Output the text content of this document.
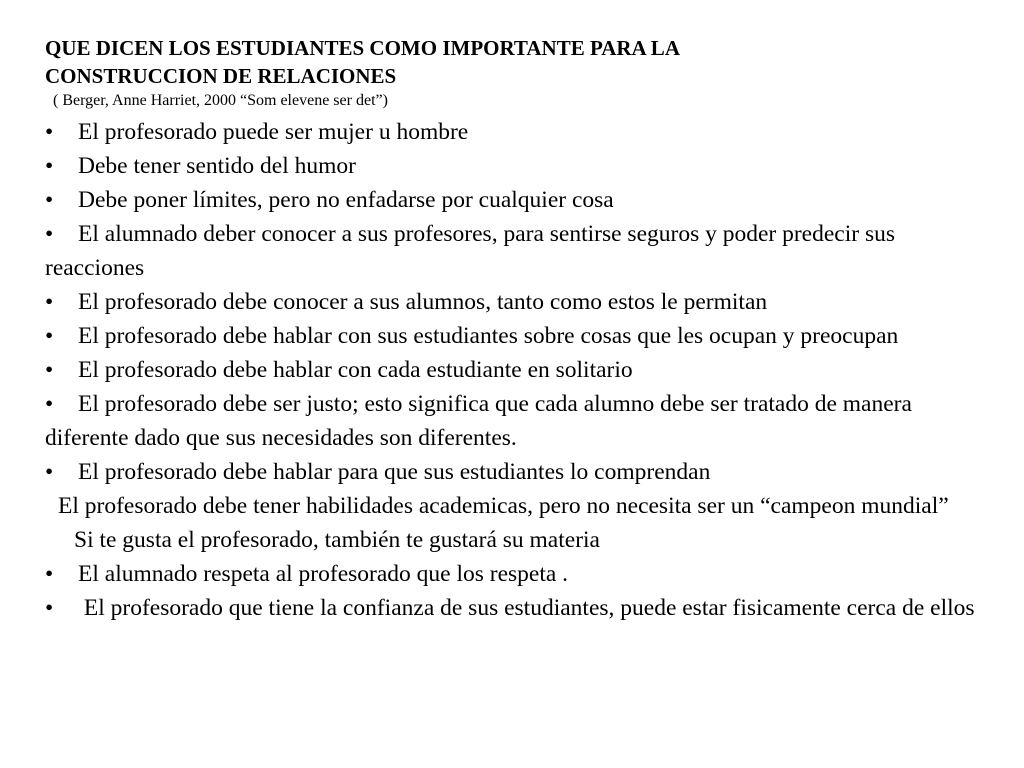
QUE DICEN LOS ESTUDIANTES COMO IMPORTANTE PARA LA
CONSTRUCCION DE RELACIONES
( Berger, Anne Harriet, 2000 “Som elevene ser det”)
• El profesorado puede ser mujer u hombre
• Debe tener sentido del humor
• Debe poner límites, pero no enfadarse por cualquier cosa
• El alumnado deber conocer a sus profesores, para sentirse seguros y poder predecir sus reacciones
• El profesorado debe conocer a sus alumnos, tanto como estos le permitan
• El profesorado debe hablar con sus estudiantes sobre cosas que les ocupan y preocupan
• El profesorado debe hablar con cada estudiante en solitario
• El profesorado debe ser justo; esto significa que cada alumno debe ser tratado de manera diferente dado que sus necesidades son diferentes.
• El profesorado debe hablar para que sus estudiantes lo comprendan
El profesorado debe tener habilidades academicas, pero no necesita ser un “campeon mundial”
Si te gusta el profesorado, también te gustará su materia
• El alumnado respeta al profesorado que los respeta .
• El profesorado que tiene la confianza de sus estudiantes, puede estar fisicamente cerca de ellos
